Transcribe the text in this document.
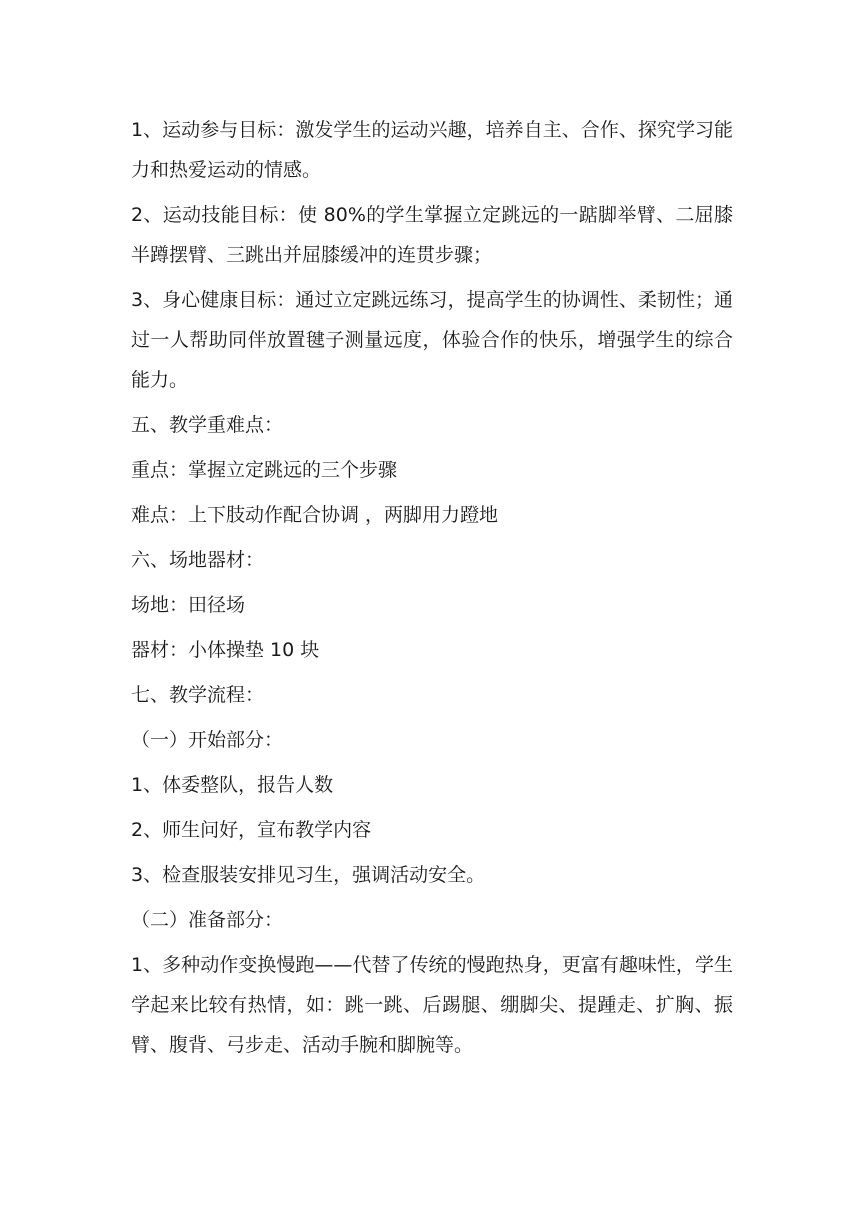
1、运动参与目标：激发学生的运动兴趣，培养自主、合作、探究学习能力和热爱运动的情感。

2、运动技能目标：使 80%的学生掌握立定跳远的一踮脚举臂、二屈膝半蹲摆臂、三跳出并屈膝缓冲的连贯步骤；

3、身心健康目标：通过立定跳远练习，提高学生的协调性、柔韧性；通过一人帮助同伴放置毽子测量远度，体验合作的快乐，增强学生的综合能力。

五、教学重难点：
重点：掌握立定跳远的三个步骤
难点：上下肢动作配合协调 ，两脚用力蹬地
六、场地器材：
场地：田径场
器材：小体操垫 10 块
七、教学流程：
（一）开始部分：
1、体委整队，报告人数
2、师生问好，宣布教学内容
3、检查服装安排见习生，强调活动安全。
（二）准备部分：

1、多种动作变换慢跑——代替了传统的慢跑热身，更富有趣味性，学生学起来比较有热情，如：跳一跳、后踢腿、绷脚尖、提踵走、扩胸、振臂、腹背、弓步走、活动手腕和脚腕等。
